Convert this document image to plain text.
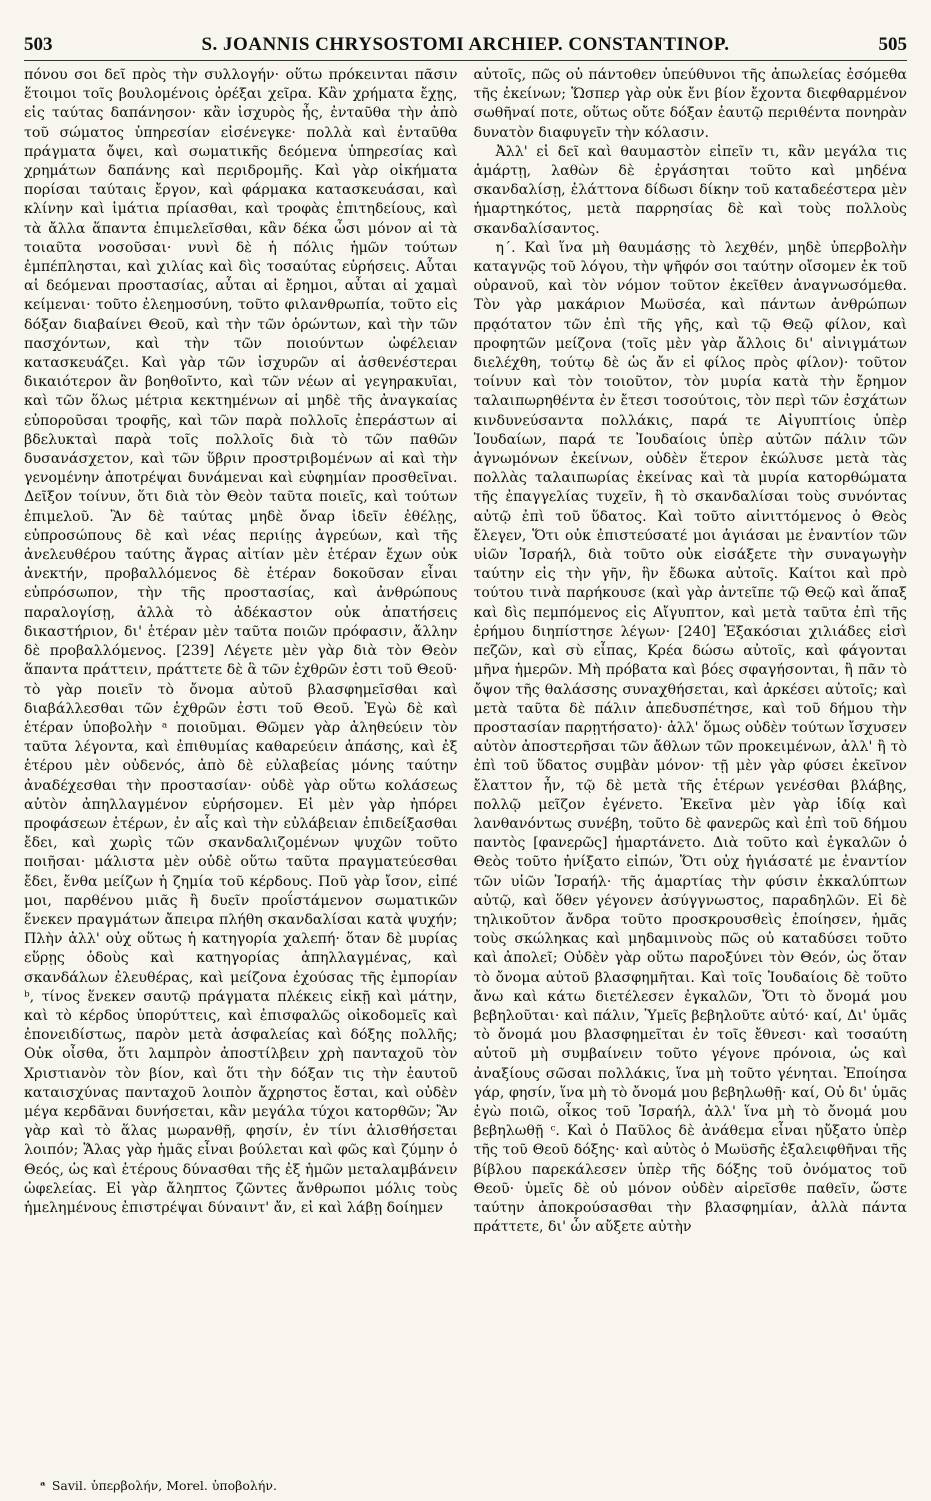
503	S. JOANNIS CHRYSOSTOMI ARCHIEP. CONSTANTINOP.	505

πόνου σοι δεῖ πρὸς τὴν συλλογήν· οὕτω πρόκεινται πᾶσιν ἕτοιμοι τοῖς βουλομένοις ὀρέξαι χεῖρα. Κἂν χρήματα ἔχῃς, εἰς ταύτας δαπάνησον· κἂν ἰσχυρὸς ἦς, ἐνταῦθα τὴν ἀπὸ τοῦ σώματος ὑπηρεσίαν εἰσένεγκε· πολλὰ καὶ ἐνταῦθα πράγματα ὄψει, καὶ σωματικῆς δεόμενα ὑπηρεσίας καὶ χρημάτων δαπάνης καὶ περιδρομῆς. Καὶ γὰρ οἰκήματα πορίσαι ταύταις ἔργον, καὶ φάρμακα κατασκευάσαι, καὶ κλίνην καὶ ἱμάτια πρίασθαι, καὶ τροφὰς ἐπιτηδείους, καὶ τὰ ἄλλα ἅπαντα ἐπιμελεῖσθαι, κἂν δέκα ὦσι μόνον αἱ τὰ τοιαῦτα νοσοῦσαι· νυνὶ δὲ ἡ πόλις ἡμῶν τούτων ἐμπέπλησται, καὶ χιλίας καὶ δὶς τοσαύτας εὑρήσεις. Αὗται αἱ δεόμεναι προστασίας, αὗται αἱ ἔρημοι, αὗται αἱ χαμαὶ κείμεναι· τοῦτο ἐλεημοσύνη, τοῦτο φιλανθρωπία, τοῦτο εἰς δόξαν διαβαίνει Θεοῦ, καὶ τὴν τῶν ὁρώντων, καὶ τὴν τῶν πασχόντων, καὶ τὴν τῶν ποιούντων ὠφέλειαν κατασκευάζει. Καὶ γὰρ τῶν ἰσχυρῶν αἱ ἀσθενέστεραι δικαιότερον ἂν βοηθοῖντο, καὶ τῶν νέων αἱ γεγηρακυῖαι, καὶ τῶν ὅλως μέτρια κεκτημένων αἱ μηδὲ τῆς ἀναγκαίας εὐποροῦσαι τροφῆς, καὶ τῶν παρὰ πολλοῖς ἐπεράστων αἱ βδελυκταὶ παρὰ τοῖς πολλοῖς διὰ τὸ τῶν παθῶν δυσανάσχετον, καὶ τῶν ὕβριν προστριβομένων αἱ καὶ τὴν γενομένην ἀποτρέψαι δυνάμεναι καὶ εὐφημίαν προσθεῖναι. Δεῖξον τοίνυν, ὅτι διὰ τὸν Θεὸν ταῦτα ποιεῖς, καὶ τούτων ἐπιμελοῦ. Ἂν δὲ ταύτας μηδὲ ὄναρ ἰδεῖν ἐθέλῃς, εὐπροσώπους δὲ καὶ νέας περιίῃς ἀγρεύων, καὶ τῆς ἀνελευθέρου ταύτης ἄγρας αἰτίαν μὲν ἑτέραν ἔχων οὐκ ἀνεκτήν, προβαλλόμενος δὲ ἑτέραν δοκοῦσαν εἶναι εὐπρόσωπον, τὴν τῆς προστασίας, καὶ ἀνθρώπους παραλογίσῃ, ἀλλὰ τὸ ἀδέκαστον οὐκ ἀπατήσεις δικαστήριον, δι' ἑτέραν μὲν ταῦτα ποιῶν πρόφασιν, ἄλλην δὲ προβαλλόμενος. [239] Λέγετε μὲν γὰρ διὰ τὸν Θεὸν ἅπαντα πράττειν, πράττετε δὲ ἃ τῶν ἐχθρῶν ἐστι τοῦ Θεοῦ· τὸ γὰρ ποιεῖν τὸ ὄνομα αὐτοῦ βλασφημεῖσθαι καὶ διαβάλλεσθαι τῶν ἐχθρῶν ἐστι τοῦ Θεοῦ. Ἐγὼ δὲ καὶ ἑτέραν ὑποβολὴν ᵃ ποιοῦμαι. Θῶμεν γὰρ ἀληθεύειν τὸν ταῦτα λέγοντα, καὶ ἐπιθυμίας καθαρεύειν ἁπάσης, καὶ ἐξ ἑτέρου μὲν οὐδενός, ἀπὸ δὲ εὐλαβείας μόνης ταύτην ἀναδέχεσθαι τὴν προστασίαν· οὐδὲ γὰρ οὕτω κολάσεως αὐτὸν ἀπηλλαγμένον εὑρήσομεν. Εἰ μὲν γὰρ ἠπόρει προφάσεων ἑτέρων, ἐν αἷς καὶ τὴν εὐλάβειαν ἐπιδείξασθαι ἔδει, καὶ χωρὶς τῶν σκανδαλιζομένων ψυχῶν τοῦτο ποιῆσαι· μάλιστα μὲν οὐδὲ οὕτω ταῦτα πραγματεύεσθαι ἔδει, ἔνθα μείζων ἡ ζημία τοῦ κέρδους. Ποῦ γὰρ ἴσον, εἰπέ μοι, παρθένου μιᾶς ἢ δυεῖν προΐστάμενον σωματικῶν ἕνεκεν πραγμάτων ἄπειρα πλήθη σκανδαλίσαι κατὰ ψυχήν; Πλὴν ἀλλ' οὐχ οὕτως ἡ κατηγορία χαλεπή· ὅταν δὲ μυρίας εὕρῃς ὁδοὺς καὶ κατηγορίας ἀπηλλαγμένας, καὶ σκανδάλων ἐλευθέρας, καὶ μείζονα ἐχούσας τῆς ἐμπορίαν ᵇ, τίνος ἕνεκεν σαυτῷ πράγματα πλέκεις εἰκῇ καὶ μάτην, καὶ τὸ κέρδος ὑπορύττεις, καὶ ἐπισφαλῶς οἰκοδομεῖς καὶ ἐπονειδίστως, παρὸν μετὰ ἀσφαλείας καὶ δόξης πολλῆς; Οὐκ οἶσθα, ὅτι λαμπρὸν ἀποστίλβειν χρὴ πανταχοῦ τὸν Χριστιανὸν τὸν βίον, καὶ ὅτι τὴν δόξαν τις τὴν ἑαυτοῦ καταισχύνας πανταχοῦ λοιπὸν ἄχρηστος ἔσται, καὶ οὐδὲν μέγα κερδᾶναι δυνήσεται, κἂν μεγάλα τύχοι κατορθῶν; Ἂν γὰρ καὶ τὸ ἅλας μωρανθῇ, φησίν, ἐν τίνι ἁλισθήσεται λοιπόν; Ἅλας γὰρ ἡμᾶς εἶναι βούλεται καὶ φῶς καὶ ζύμην ὁ Θεός, ὡς καὶ ἑτέρους δύνασθαι τῆς ἐξ ἡμῶν μεταλαμβάνειν ὠφελείας. Εἰ γὰρ ἄληπτος ζῶντες ἄνθρωποι μόλις τοὺς ἡμελημένους ἐπιστρέψαι δύναιντ' ἄν, εἰ καὶ λάβῃ δοίημεν

αὐτοῖς, πῶς οὐ πάντοθεν ὑπεύθυνοι τῆς ἀπωλείας ἐσόμεθα τῆς ἐκείνων; Ὥσπερ γὰρ οὐκ ἔνι βίον ἔχοντα διεφθαρμένον σωθῆναί ποτε, οὕτως οὔτε δόξαν ἑαυτῷ περιθέντα πονηρὰν δυνατὸν διαφυγεῖν τὴν κόλασιν.

Ἀλλ' εἰ δεῖ καὶ θαυμαστὸν εἰπεῖν τι, κἂν μεγάλα τις ἁμάρτῃ, λαθὼν δὲ ἐργάσηται τοῦτο καὶ μηδένα σκανδαλίσῃ, ἐλάττονα δίδωσι δίκην τοῦ καταδεέστερα μὲν ἡμαρτηκότος, μετὰ παρρησίας δὲ καὶ τοὺς πολλοὺς σκανδαλίσαντος.

η΄. Καὶ ἵνα μὴ θαυμάσῃς τὸ λεχθέν, μηδὲ ὑπερβολὴν καταγνῷς τοῦ λόγου, τὴν ψῆφόν σοι ταύτην οἴσομεν ἐκ τοῦ οὐρανοῦ, καὶ τὸν νόμον τοῦτον ἐκεῖθεν ἀναγνωσόμεθα. Τὸν γὰρ μακάριον Μωϋσέα, καὶ πάντων ἀνθρώπων πρᾳότατον τῶν ἐπὶ τῆς γῆς, καὶ τῷ Θεῷ φίλον, καὶ προφητῶν μείζονα (τοῖς μὲν γὰρ ἄλλοις δι' αἰνιγμάτων διελέχθη, τούτῳ δὲ ὡς ἄν εἰ φίλος πρὸς φίλον)· τοῦτον τοίνυν καὶ τὸν τοιοῦτον, τὸν μυρία κατὰ τὴν ἔρημον ταλαιπωρηθέντα ἐν ἔτεσι τοσούτοις, τὸν περὶ τῶν ἐσχάτων κινδυνεύσαντα πολλάκις, παρά τε Αἰγυπτίοις ὑπὲρ Ἰουδαίων, παρά τε Ἰουδαίοις ὑπὲρ αὐτῶν πάλιν τῶν ἀγνωμόνων ἐκείνων, οὐδὲν ἕτερον ἐκώλυσε μετὰ τὰς πολλὰς ταλαιπωρίας ἐκείνας καὶ τὰ μυρία κατορθώματα τῆς ἐπαγγελίας τυχεῖν, ἢ τὸ σκανδαλίσαι τοὺς συνόντας αὐτῷ ἐπὶ τοῦ ὕδατος. Καὶ τοῦτο αἰνιττόμενος ὁ Θεὸς ἔλεγεν, Ὅτι οὐκ ἐπιστεύσατέ μοι ἁγιάσαι με ἐναντίον τῶν υἱῶν Ἰσραήλ, διὰ τοῦτο οὐκ εἰσάξετε τὴν συναγωγὴν ταύτην εἰς τὴν γῆν, ἣν ἔδωκα αὐτοῖς. Καίτοι καὶ πρὸ τούτου τινὰ παρήκουσε (καὶ γὰρ ἀντεῖπε τῷ Θεῷ καὶ ἅπαξ καὶ δὶς πεμπόμενος εἰς Αἴγυπτον, καὶ μετὰ ταῦτα ἐπὶ τῆς ἐρήμου διηπίστησε λέγων· [240] Ἑξακόσιαι χιλιάδες εἰσὶ πεζῶν, καὶ σὺ εἶπας, Κρέα δώσω αὐτοῖς, καὶ φάγονται μῆνα ἡμερῶν. Μὴ πρόβατα καὶ βόες σφαγήσονται, ἢ πᾶν τὸ ὄψον τῆς θαλάσσης συναχθήσεται, καὶ ἀρκέσει αὐτοῖς; καὶ μετὰ ταῦτα δὲ πάλιν ἀπεδυσπέτησε, καὶ τοῦ δήμου τὴν προστασίαν παρῃτήσατο)· ἀλλ' ὅμως οὐδὲν τούτων ἴσχυσεν αὐτὸν ἀποστερῆσαι τῶν ἄθλων τῶν προκειμένων, ἀλλ' ἢ τὸ ἐπὶ τοῦ ὕδατος συμβὰν μόνον· τῇ μὲν γὰρ φύσει ἐκεῖνον ἔλαττον ἦν, τῷ δὲ μετὰ τῆς ἑτέρων γενέσθαι βλάβης, πολλῷ μεῖζον ἐγένετο. Ἐκεῖνα μὲν γὰρ ἰδίᾳ καὶ λανθανόντως συνέβη, τοῦτο δὲ φανερῶς καὶ ἐπὶ τοῦ δήμου παντὸς [φανερῶς] ἡμαρτάνετο. Διὰ τοῦτο καὶ ἐγκαλῶν ὁ Θεὸς τοῦτο ἠνίξατο εἰπών, Ὅτι οὐχ ἡγιάσατέ με ἐναντίον τῶν υἱῶν Ἰσραήλ· τῆς ἁμαρτίας τὴν φύσιν ἐκκαλύπτων αὐτῷ, καὶ ὅθεν γέγονεν ἀσύγγνωστος, παραδηλῶν. Εἰ δὲ τηλικοῦτον ἄνδρα τοῦτο προσκρουσθεὶς ἐποίησεν, ἡμᾶς τοὺς σκώληκας καὶ μηδαμινοὺς πῶς οὐ καταδύσει τοῦτο καὶ ἀπολεῖ; Οὐδὲν γὰρ οὕτω παροξύνει τὸν Θεόν, ὡς ὅταν τὸ ὄνομα αὐτοῦ βλασφημῆται. Καὶ τοῖς Ἰουδαίοις δὲ τοῦτο ἄνω καὶ κάτω διετέλεσεν ἐγκαλῶν, Ὅτι τὸ ὄνομά μου βεβηλοῦται· καὶ πάλιν, Ὑμεῖς βεβηλοῦτε αὐτό· καί, Δι' ὑμᾶς τὸ ὄνομά μου βλασφημεῖται ἐν τοῖς ἔθνεσι· καὶ τοσαύτη αὐτοῦ μὴ συμβαίνειν τοῦτο γέγονε πρόνοια, ὡς καὶ ἀναξίους σῶσαι πολλάκις, ἵνα μὴ τοῦτο γένηται. Ἐποίησα γάρ, φησίν, ἵνα μὴ τὸ ὄνομά μου βεβηλωθῇ· καί, Οὐ δι' ὑμᾶς ἐγὼ ποιῶ, οἶκος τοῦ Ἰσραήλ, ἀλλ' ἵνα μὴ τὸ ὄνομά μου βεβηλωθῇ ᶜ. Καὶ ὁ Παῦλος δὲ ἀνάθεμα εἶναι ηὔξατο ὑπὲρ τῆς τοῦ Θεοῦ δόξης· καὶ αὐτὸς ὁ Μωϋσῆς ἐξαλειφθῆναι τῆς βίβλου παρεκάλεσεν ὑπὲρ τῆς δόξης τοῦ ὀνόματος τοῦ Θεοῦ· ὑμεῖς δὲ οὐ μόνον οὐδὲν αἱρεῖσθε παθεῖν, ὥστε ταύτην ἀποκρούσασθαι τὴν βλασφημίαν, ἀλλὰ πάντα πράττετε, δι' ὧν αὔξετε αὐτὴν

ᵃ Savil. ὑπερβολήν, Morel. ὑποβολήν.
